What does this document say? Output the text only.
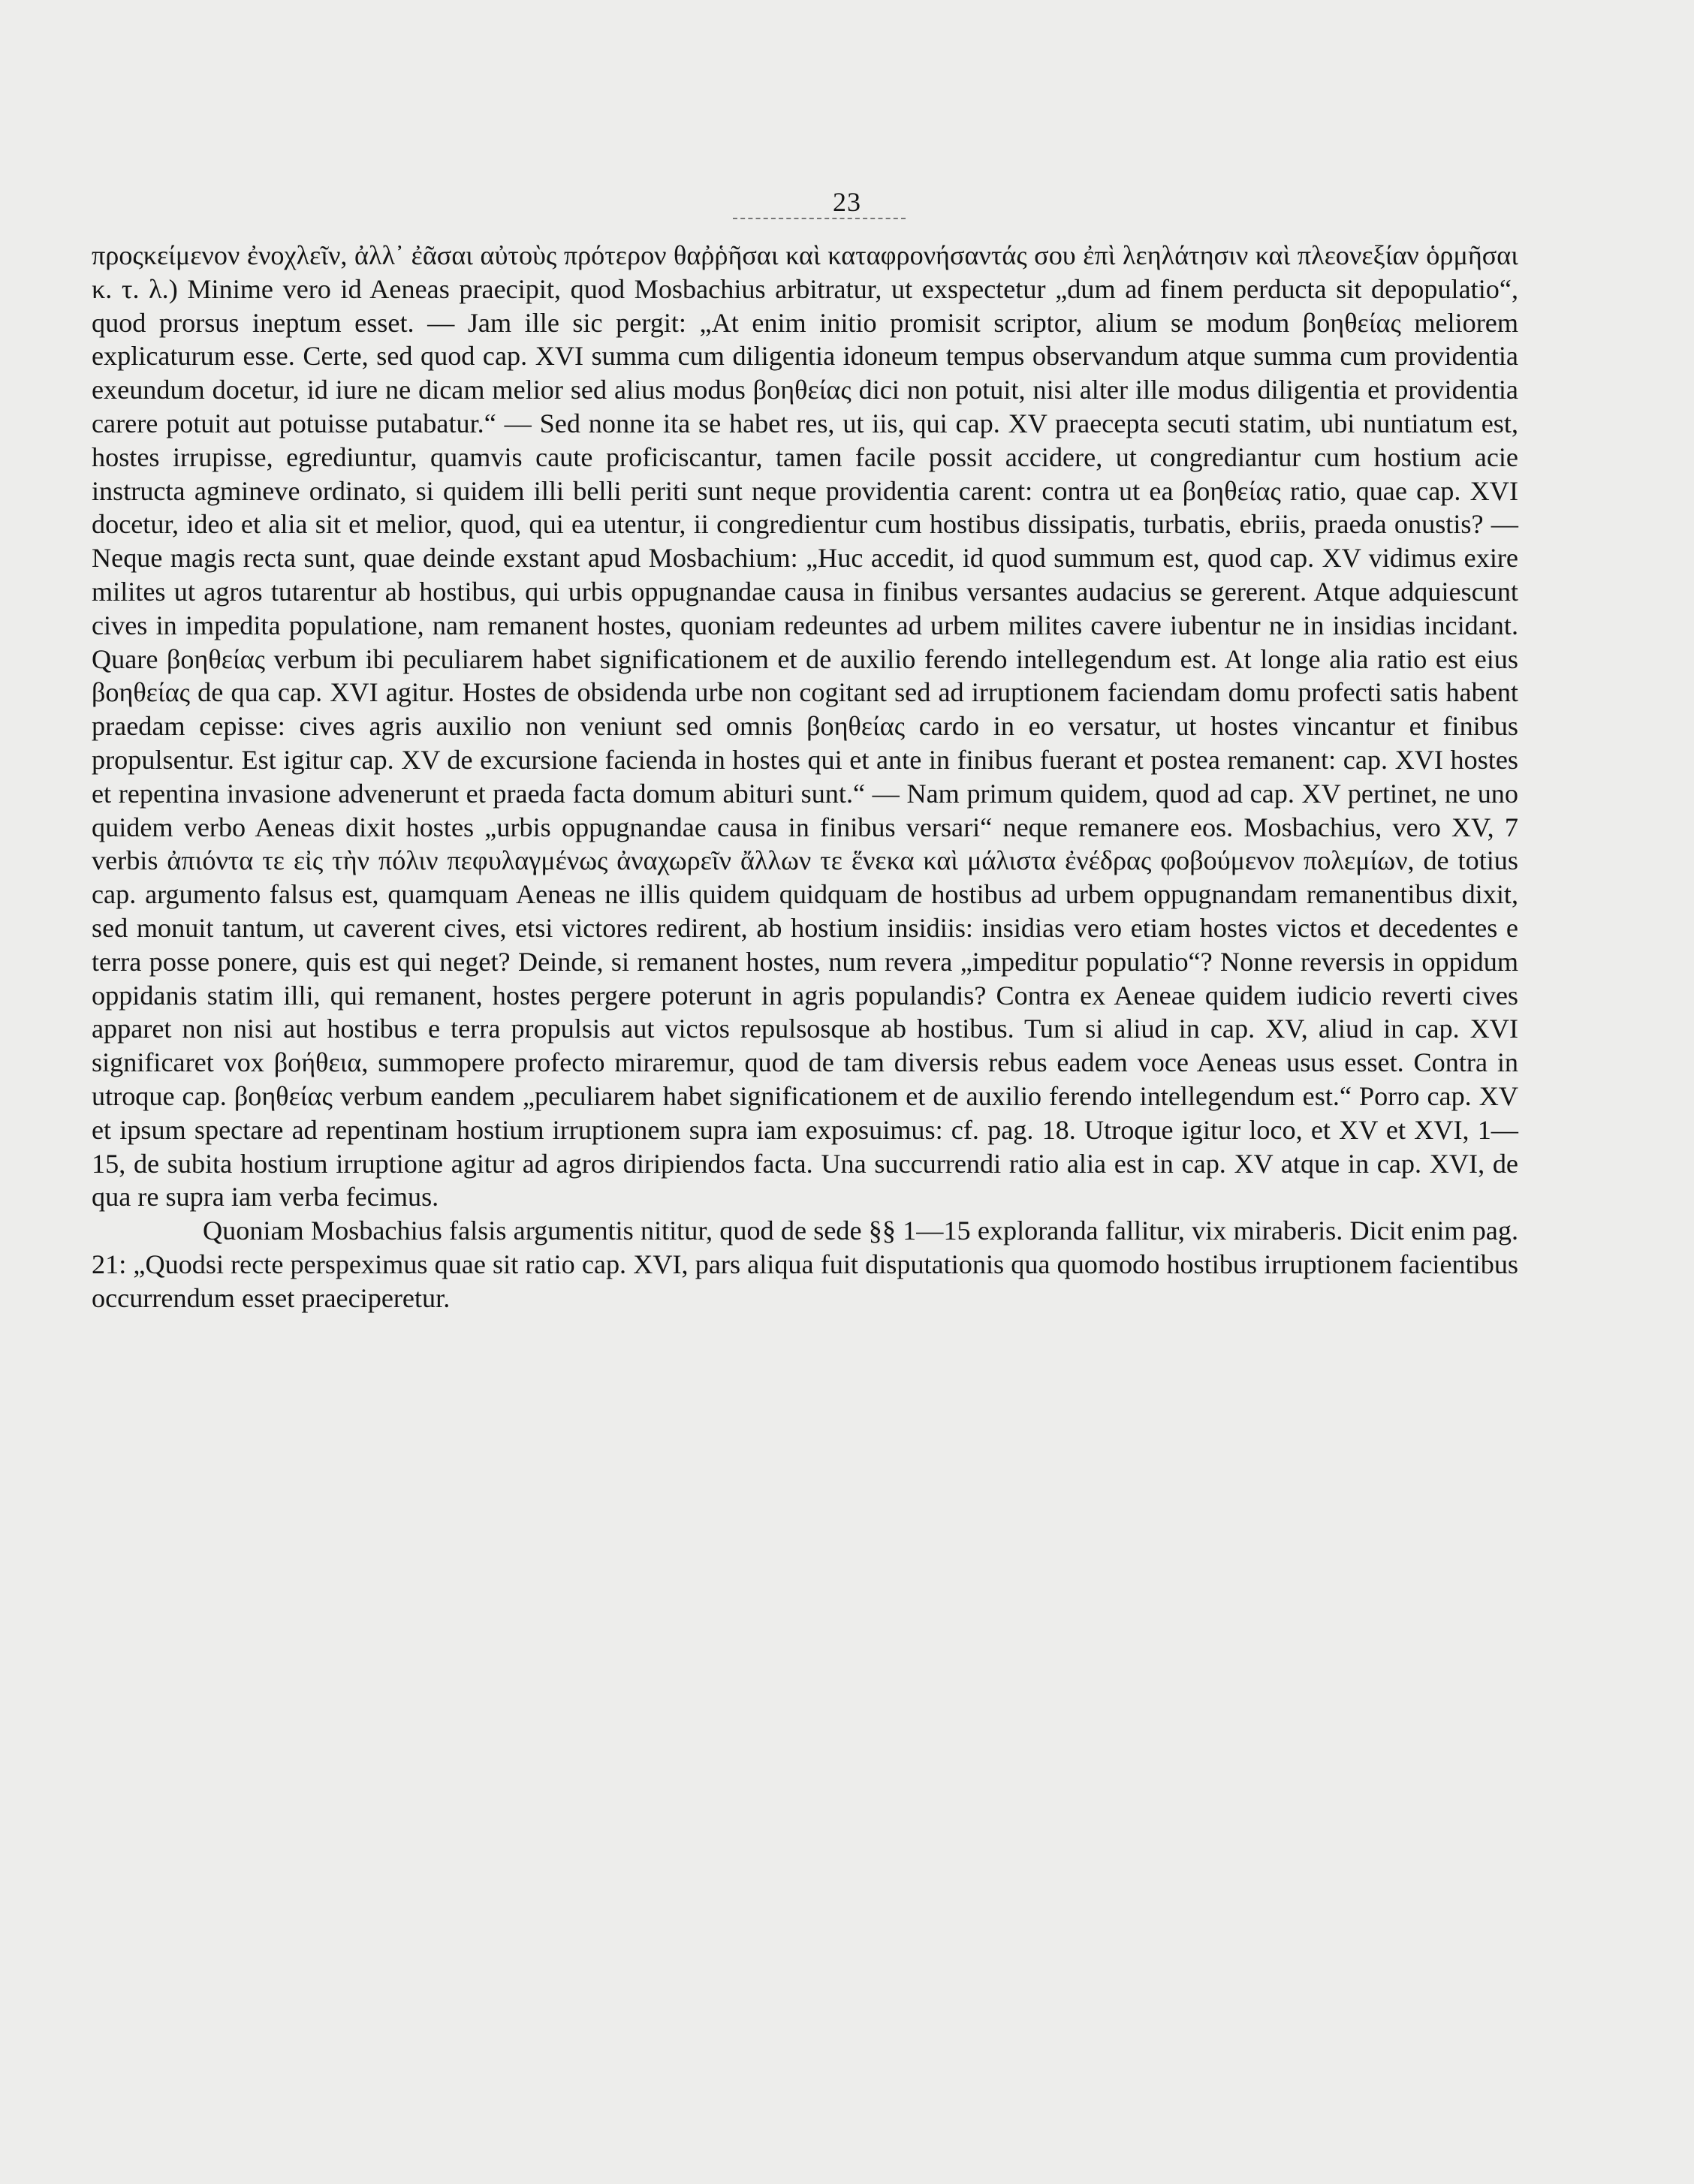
23

προςκείμενον ἐνοχλεῖν, ἀλλ᾽ ἐᾶσαι αὐτοὺς πρότερον θαῤῥῆσαι καὶ καταφρονήσαντάς σου ἐπὶ λεηλάτησιν καὶ πλεονεξίαν ὁρμῆσαι κ. τ. λ.) Minime vero id Aeneas praecipit, quod Mosbachius arbitratur, ut exspectetur „dum ad finem perducta sit depopulatio“, quod prorsus ineptum esset. — Jam ille sic pergit: „At enim initio promisit scriptor, alium se modum βοηθείας meliorem explicaturum esse. Certe, sed quod cap. XVI summa cum diligentia idoneum tempus observandum atque summa cum providentia exeundum docetur, id iure ne dicam melior sed alius modus βοηθείας dici non potuit, nisi alter ille modus diligentia et providentia carere potuit aut potuisse putabatur.“ — Sed nonne ita se habet res, ut iis, qui cap. XV praecepta secuti statim, ubi nuntiatum est, hostes irrupisse, egrediuntur, quamvis caute proficiscantur, tamen facile possit accidere, ut congrediantur cum hostium acie instructa agmineve ordinato, si quidem illi belli periti sunt neque providentia carent: contra ut ea βοηθείας ratio, quae cap. XVI docetur, ideo et alia sit et melior, quod, qui ea utentur, ii congredientur cum hostibus dissipatis, turbatis, ebriis, praeda onustis? — Neque magis recta sunt, quae deinde exstant apud Mosbachium: „Huc accedit, id quod summum est, quod cap. XV vidimus exire milites ut agros tutarentur ab hostibus, qui urbis oppugnandae causa in finibus versantes audacius se gererent. Atque adquiescunt cives in impedita populatione, nam remanent hostes, quoniam redeuntes ad urbem milites cavere iubentur ne in insidias incidant. Quare βοηθείας verbum ibi peculiarem habet significationem et de auxilio ferendo intellegendum est. At longe alia ratio est eius βοηθείας de qua cap. XVI agitur. Hostes de obsidenda urbe non cogitant sed ad irruptionem faciendam domu profecti satis habent praedam cepisse: cives agris auxilio non veniunt sed omnis βοηθείας cardo in eo versatur, ut hostes vincantur et finibus propulsentur. Est igitur cap. XV de excursione facienda in hostes qui et ante in finibus fuerant et postea remanent: cap. XVI hostes et repentina invasione advenerunt et praeda facta domum abituri sunt.“ — Nam primum quidem, quod ad cap. XV pertinet, ne uno quidem verbo Aeneas dixit hostes „urbis oppugnandae causa in finibus versari“ neque remanere eos. Mosbachius, vero XV, 7 verbis ἀπιόντα τε εἰς τὴν πόλιν πεφυλαγμένως ἀναχωρεῖν ἄλλων τε ἕνεκα καὶ μάλιστα ἐνέδρας φοβούμενον πολεμίων, de totius cap. argumento falsus est, quamquam Aeneas ne illis quidem quidquam de hostibus ad urbem oppugnandam remanentibus dixit, sed monuit tantum, ut caverent cives, etsi victores redirent, ab hostium insidiis: insidias vero etiam hostes victos et decedentes e terra posse ponere, quis est qui neget? Deinde, si remanent hostes, num revera „impeditur populatio“? Nonne reversis in oppidum oppidanis statim illi, qui remanent, hostes pergere poterunt in agris populandis? Contra ex Aeneae quidem iudicio reverti cives apparet non nisi aut hostibus e terra propulsis aut victos repulsosque ab hostibus. Tum si aliud in cap. XV, aliud in cap. XVI significaret vox βοήθεια, summopere profecto miraremur, quod de tam diversis rebus eadem voce Aeneas usus esset. Contra in utroque cap. βοηθείας verbum eandem „peculiarem habet significationem et de auxilio ferendo intellegendum est.“ Porro cap. XV et ipsum spectare ad repentinam hostium irruptionem supra iam exposuimus: cf. pag. 18. Utroque igitur loco, et XV et XVI, 1—15, de subita hostium irruptione agitur ad agros diripiendos facta. Una succurrendi ratio alia est in cap. XV atque in cap. XVI, de qua re supra iam verba fecimus.

Quoniam Mosbachius falsis argumentis nititur, quod de sede §§ 1—15 exploranda fallitur, vix miraberis. Dicit enim pag. 21: „Quodsi recte perspeximus quae sit ratio cap. XVI, pars aliqua fuit disputationis qua quomodo hostibus irruptionem facientibus occurrendum esset praeciperetur.
